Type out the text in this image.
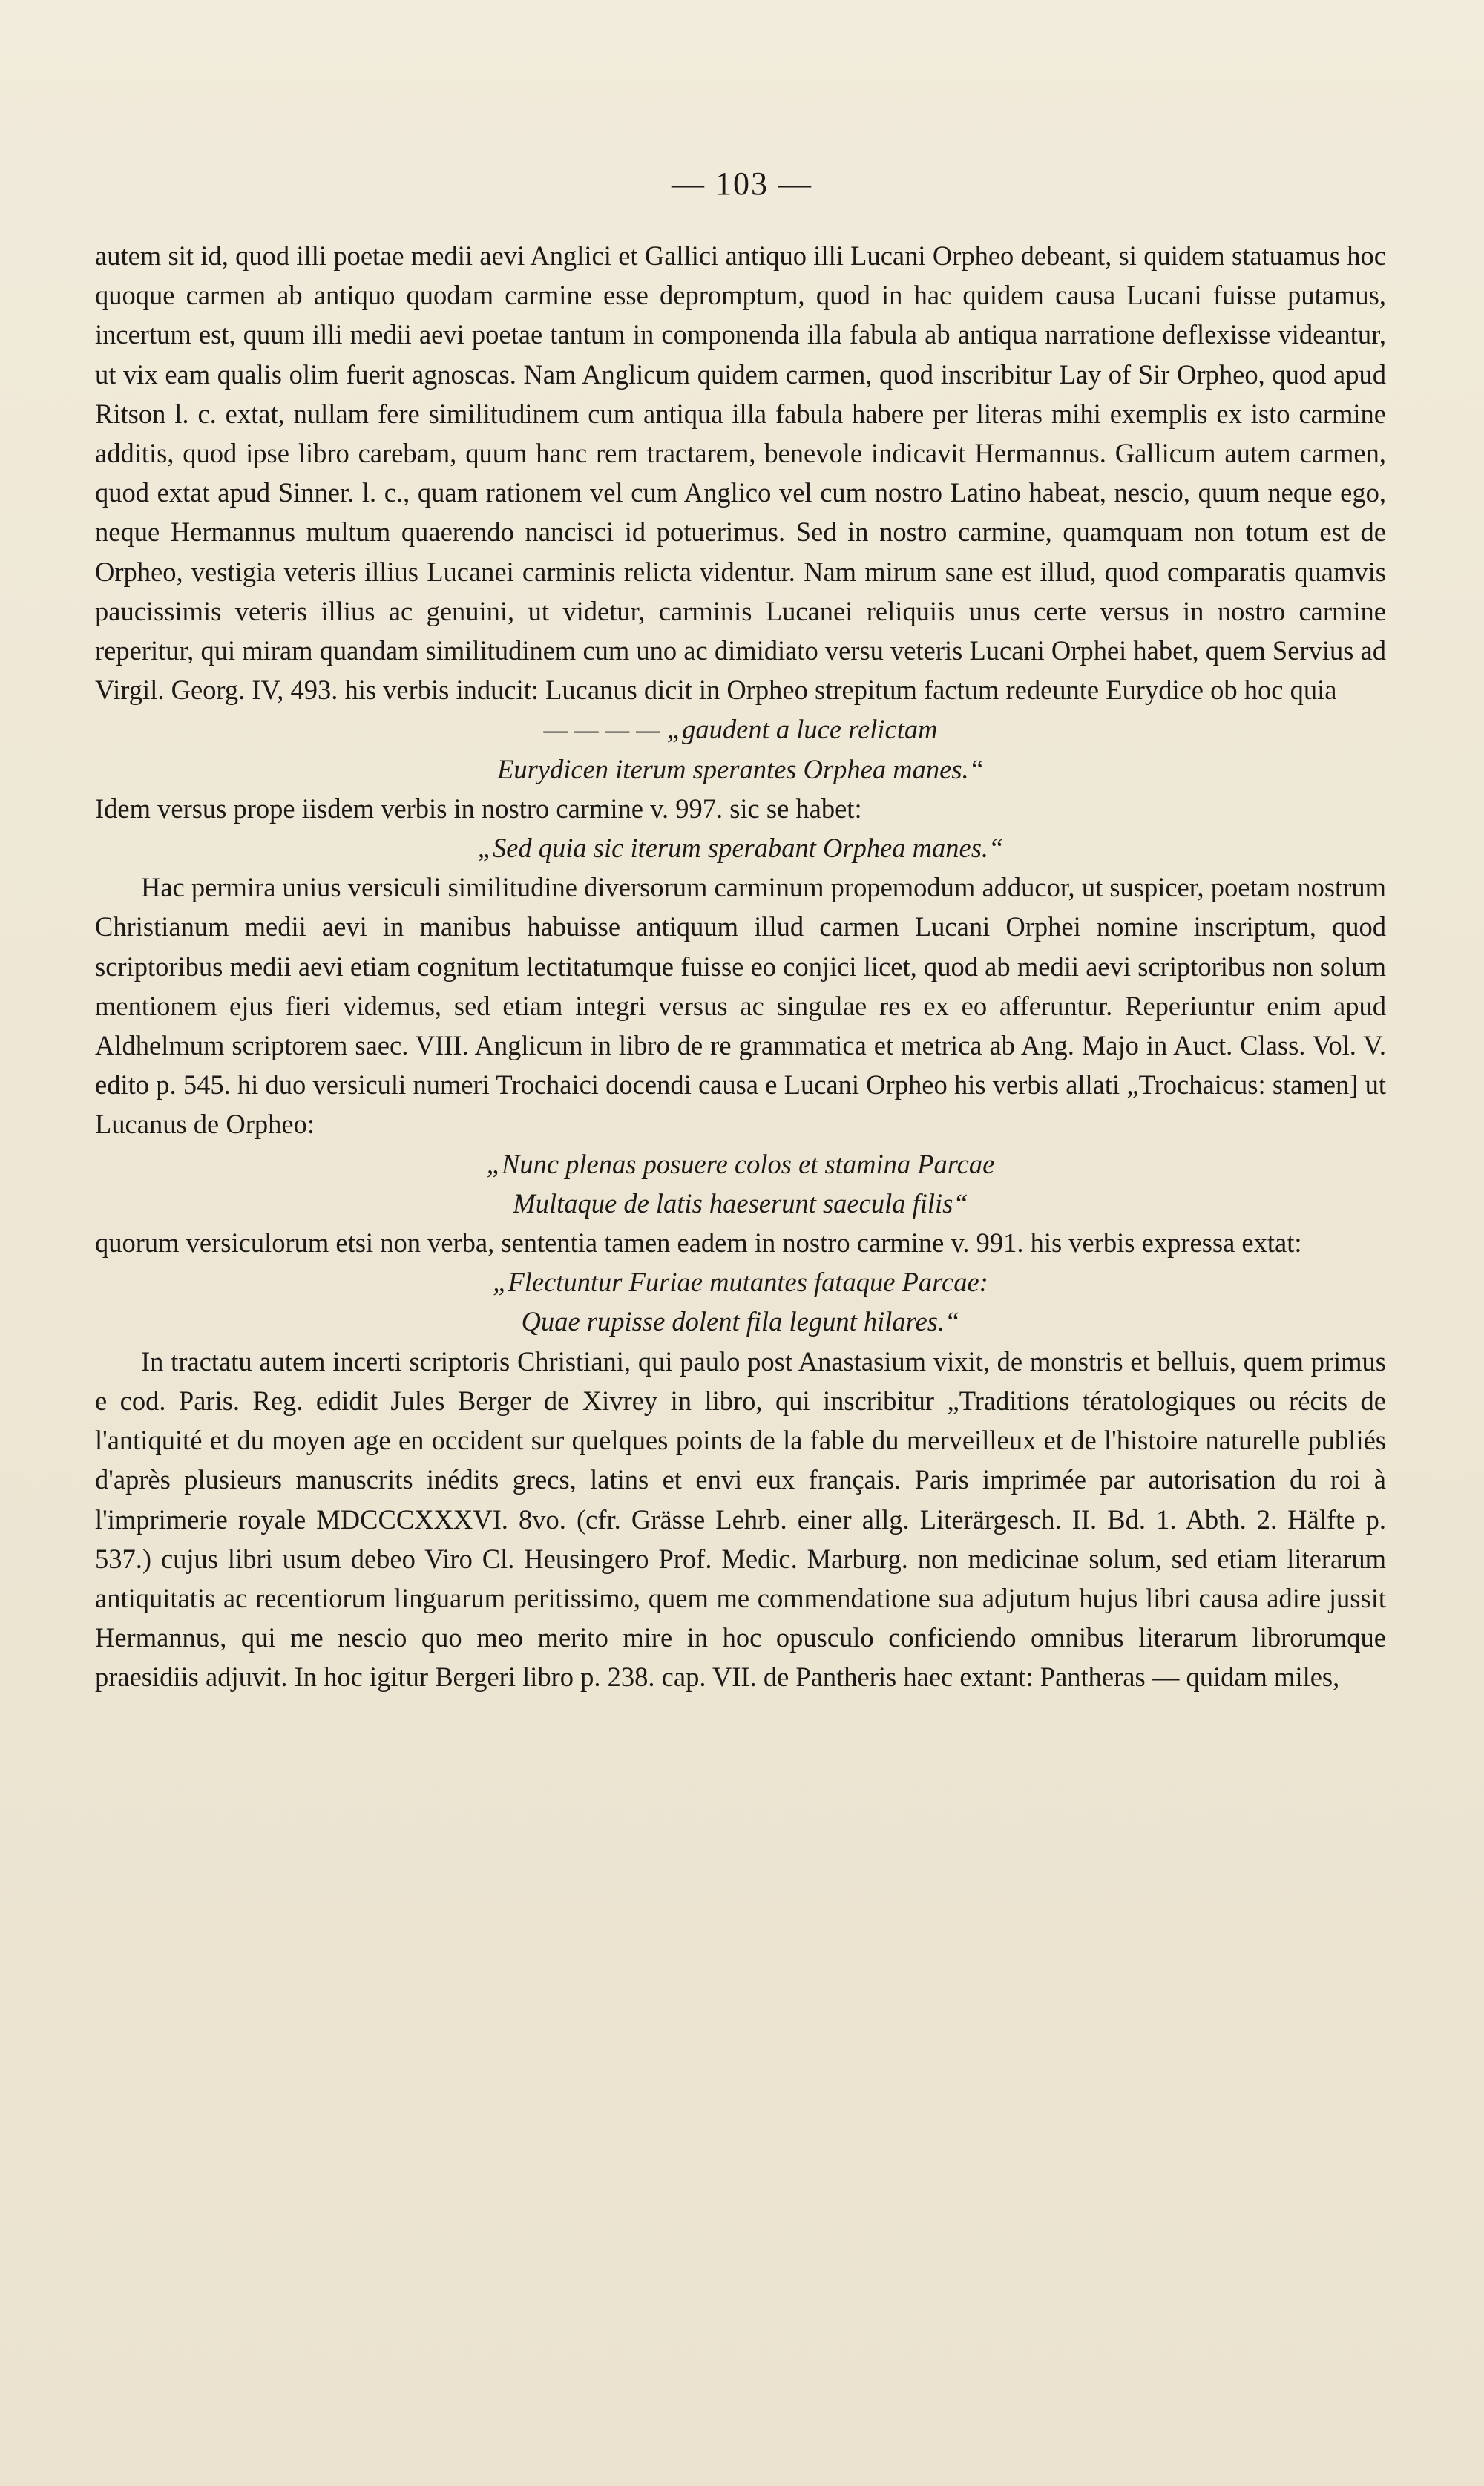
— 103 —

autem sit id, quod illi poetae medii aevi Anglici et Gallici antiquo illi Lucani Orpheo debeant, si quidem statuamus hoc quoque carmen ab antiquo quodam carmine esse depromptum, quod in hac quidem causa Lucani fuisse putamus, incertum est, quum illi medii aevi poetae tantum in componenda illa fabula ab antiqua narratione deflexisse videantur, ut vix eam qualis olim fuerit agnoscas. Nam Anglicum quidem carmen, quod inscribitur Lay of Sir Orpheo, quod apud Ritson l. c. extat, nullam fere similitudinem cum antiqua illa fabula habere per literas mihi exemplis ex isto carmine additis, quod ipse libro carebam, quum hanc rem tractarem, benevole indicavit Hermannus. Gallicum autem carmen, quod extat apud Sinner. l. c., quam rationem vel cum Anglico vel cum nostro Latino habeat, nescio, quum neque ego, neque Hermannus multum quaerendo nancisci id potuerimus. Sed in nostro carmine, quamquam non totum est de Orpheo, vestigia veteris illius Lucanei carminis relicta videntur. Nam mirum sane est illud, quod comparatis quamvis paucissimis veteris illius ac genuini, ut videtur, carminis Lucanei reliquiis unus certe versus in nostro carmine reperitur, qui miram quandam similitudinem cum uno ac dimidiato versu veteris Lucani Orphei habet, quem Servius ad Virgil. Georg. IV, 493. his verbis inducit: Lucanus dicit in Orpheo strepitum factum redeunte Eurydice ob hoc quia

— — — — „gaudent a luce relictam

Eurydicen iterum sperantes Orphea manes.“

Idem versus prope iisdem verbis in nostro carmine v. 997. sic se habet:

„Sed quia sic iterum sperabant Orphea manes.“

Hac permira unius versiculi similitudine diversorum carminum propemodum adducor, ut suspicer, poetam nostrum Christianum medii aevi in manibus habuisse antiquum illud carmen Lucani Orphei nomine inscriptum, quod scriptoribus medii aevi etiam cognitum lectitatumque fuisse eo conjici licet, quod ab medii aevi scriptoribus non solum mentionem ejus fieri videmus, sed etiam integri versus ac singulae res ex eo afferuntur. Reperiuntur enim apud Aldhelmum scriptorem saec. VIII. Anglicum in libro de re grammatica et metrica ab Ang. Majo in Auct. Class. Vol. V. edito p. 545. hi duo versiculi numeri Trochaici docendi causa e Lucani Orpheo his verbis allati „Trochaicus: stamen] ut Lucanus de Orpheo:

„Nunc plenas posuere colos et stamina Parcae

Multaque de latis haeserunt saecula filis“

quorum versiculorum etsi non verba, sententia tamen eadem in nostro carmine v. 991. his verbis expressa extat:

„Flectuntur Furiae mutantes fataque Parcae:

Quae rupisse dolent fila legunt hilares.“

In tractatu autem incerti scriptoris Christiani, qui paulo post Anastasium vixit, de monstris et belluis, quem primus e cod. Paris. Reg. edidit Jules Berger de Xivrey in libro, qui inscribitur „Traditions tératologiques ou récits de l'antiquité et du moyen age en occident sur quelques points de la fable du merveilleux et de l'histoire naturelle publiés d'après plusieurs manuscrits inédits grecs, latins et envi eux français. Paris imprimée par autorisation du roi à l'imprimerie royale MDCCCXXXVI. 8vo. (cfr. Grässe Lehrb. einer allg. Literärgesch. II. Bd. 1. Abth. 2. Hälfte p. 537.) cujus libri usum debeo Viro Cl. Heusingero Prof. Medic. Marburg. non medicinae solum, sed etiam literarum antiquitatis ac recentiorum linguarum peritissimo, quem me commendatione sua adjutum hujus libri causa adire jussit Hermannus, qui me nescio quo meo merito mire in hoc opusculo conficiendo omnibus literarum librorumque praesidiis adjuvit. In hoc igitur Bergeri libro p. 238. cap. VII. de Pantheris haec extant: Pantheras — quidam miles,
